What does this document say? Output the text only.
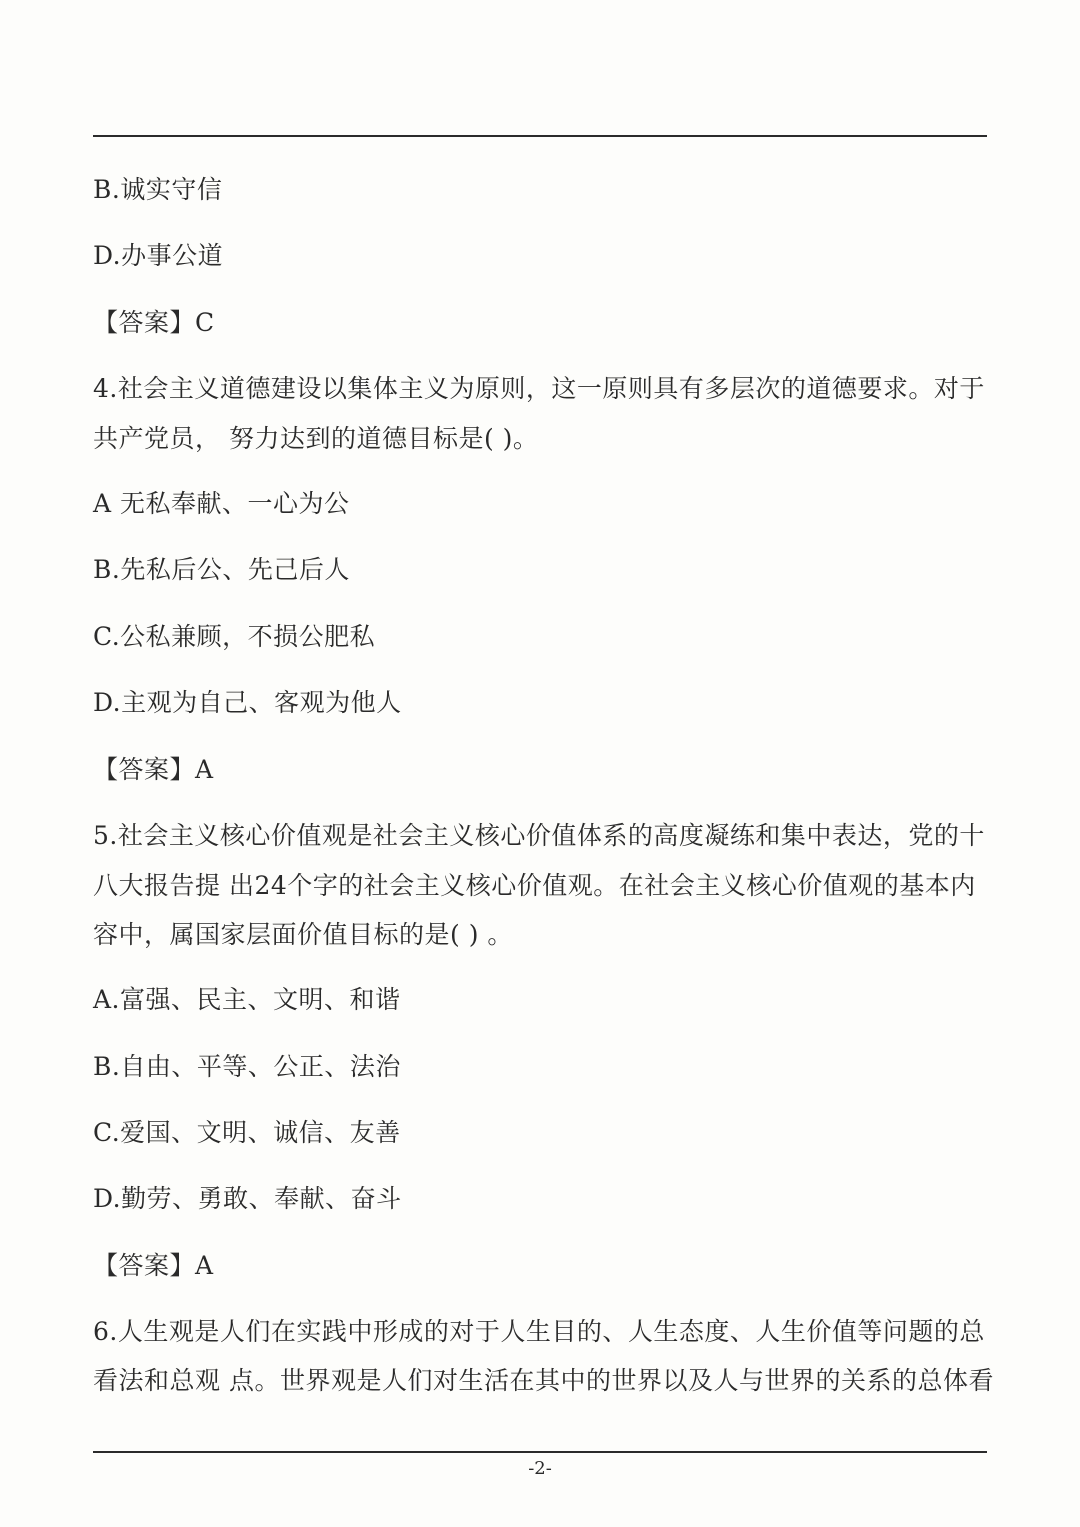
B.诚实守信
D.办事公道
【答案】C
4.社会主义道德建设以集体主义为原则，这一原则具有多层次的道德要求。对于
共产党员， 努力达到的道德目标是( )。
A 无私奉献、一心为公
B.先私后公、先己后人
C.公私兼顾，不损公肥私
D.主观为自己、客观为他人
【答案】A
5.社会主义核心价值观是社会主义核心价值体系的高度凝练和集中表达，党的十
八大报告提 出24个字的社会主义核心价值观。在社会主义核心价值观的基本内
容中，属国家层面价值目标的是( ) 。
A.富强、民主、文明、和谐
B.自由、平等、公正、法治
C.爱国、文明、诚信、友善
D.勤劳、勇敢、奉献、奋斗
【答案】A
6.人生观是人们在实践中形成的对于人生目的、人生态度、人生价值等问题的总
看法和总观 点。世界观是人们对生活在其中的世界以及人与世界的关系的总体看
-2-
